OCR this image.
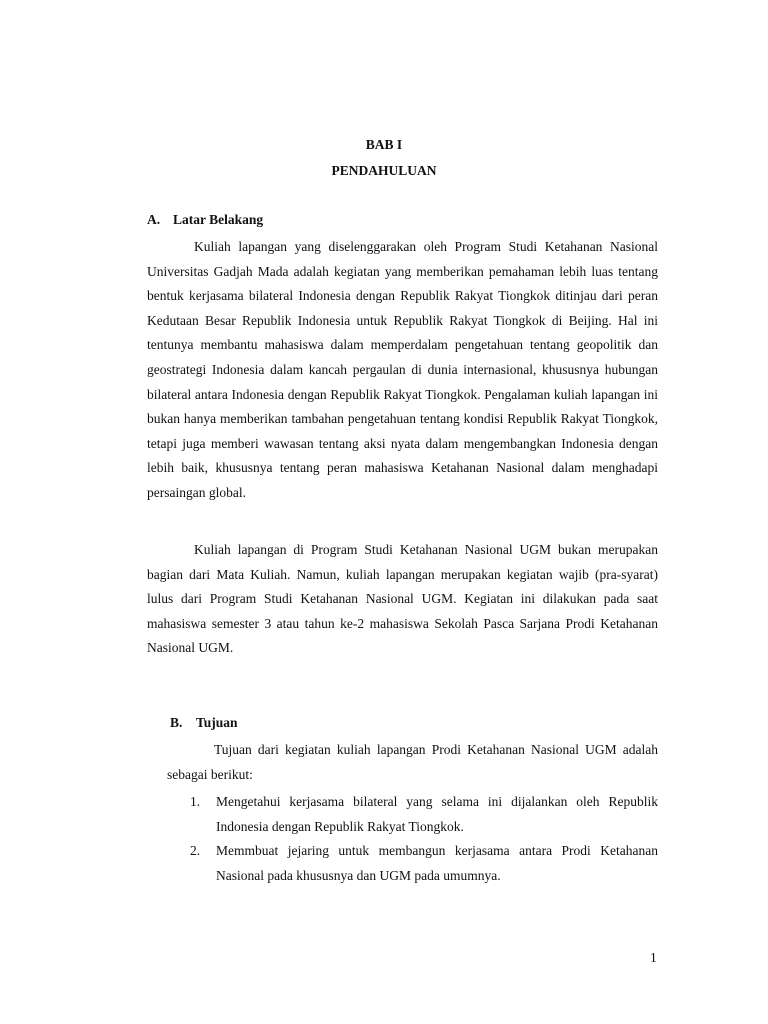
BAB I
PENDAHULUAN
A. Latar Belakang

Kuliah lapangan yang diselenggarakan oleh Program Studi Ketahanan Nasional Universitas Gadjah Mada adalah kegiatan yang memberikan pemahaman lebih luas tentang bentuk kerjasama bilateral Indonesia dengan Republik Rakyat Tiongkok ditinjau dari peran Kedutaan Besar Republik Indonesia untuk Republik Rakyat Tiongkok di Beijing. Hal ini tentunya membantu mahasiswa dalam memperdalam pengetahuan tentang geopolitik dan geostrategi Indonesia dalam kancah pergaulan di dunia internasional, khususnya hubungan bilateral antara Indonesia dengan Republik Rakyat Tiongkok. Pengalaman kuliah lapangan ini bukan hanya memberikan tambahan pengetahuan tentang kondisi Republik Rakyat Tiongkok, tetapi juga memberi wawasan tentang aksi nyata dalam mengembangkan Indonesia dengan lebih baik, khususnya tentang peran mahasiswa Ketahanan Nasional dalam menghadapi persaingan global.

Kuliah lapangan di Program Studi Ketahanan Nasional UGM bukan merupakan bagian dari Mata Kuliah. Namun, kuliah lapangan merupakan kegiatan wajib (pra-syarat) lulus dari Program Studi Ketahanan Nasional UGM. Kegiatan ini dilakukan pada saat mahasiswa semester 3 atau tahun ke-2 mahasiswa Sekolah Pasca Sarjana Prodi Ketahanan Nasional UGM.

B. Tujuan

Tujuan dari kegiatan kuliah lapangan Prodi Ketahanan Nasional UGM adalah sebagai berikut:

1. Mengetahui kerjasama bilateral yang selama ini dijalankan oleh Republik Indonesia dengan Republik Rakyat Tiongkok.
2. Memmbuat jejaring untuk membangun kerjasama antara Prodi Ketahanan Nasional pada khususnya dan UGM pada umumnya.
1
